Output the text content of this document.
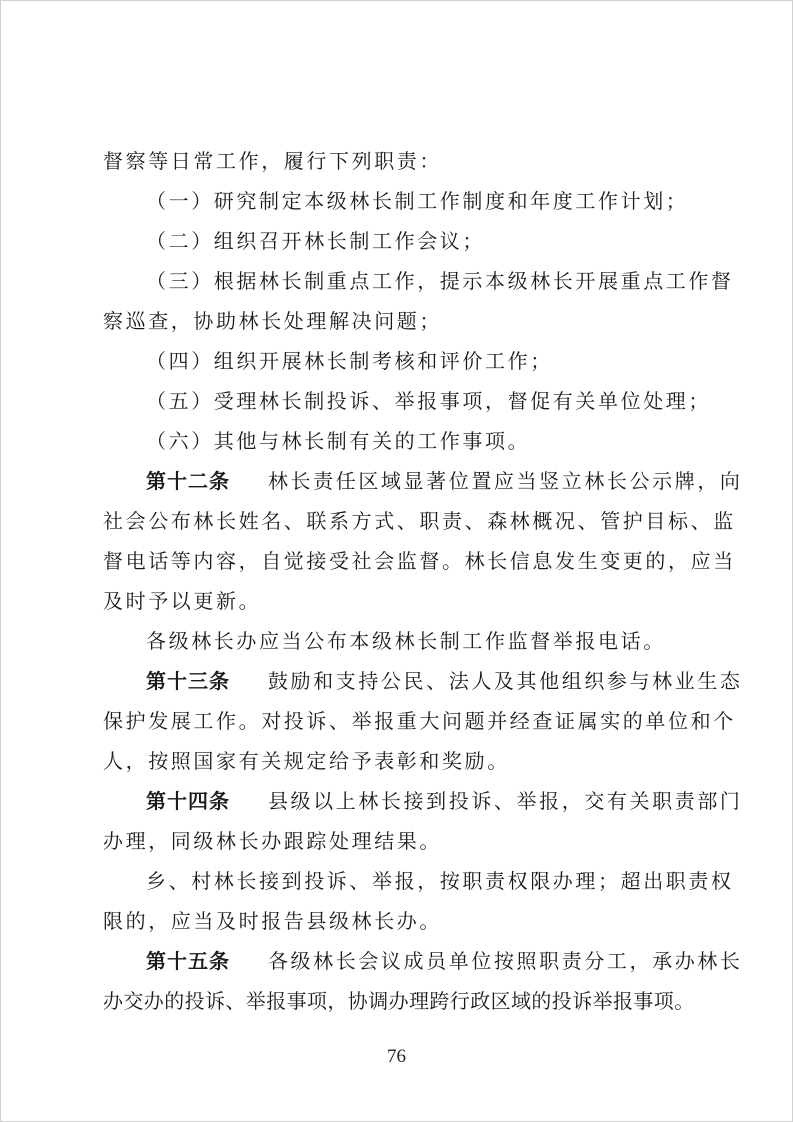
督察等日常工作，履行下列职责：
（一）研究制定本级林长制工作制度和年度工作计划；
（二）组织召开林长制工作会议；
（三）根据林长制重点工作，提示本级林长开展重点工作督
察巡查，协助林长处理解决问题；
（四）组织开展林长制考核和评价工作；
（五）受理林长制投诉、举报事项，督促有关单位处理；
（六）其他与林长制有关的工作事项。
第十二条 林长责任区域显著位置应当竖立林长公示牌，向
社会公布林长姓名、联系方式、职责、森林概况、管护目标、监
督电话等内容，自觉接受社会监督。林长信息发生变更的，应当
及时予以更新。
各级林长办应当公布本级林长制工作监督举报电话。
第十三条 鼓励和支持公民、法人及其他组织参与林业生态
保护发展工作。对投诉、举报重大问题并经查证属实的单位和个
人，按照国家有关规定给予表彰和奖励。
第十四条 县级以上林长接到投诉、举报，交有关职责部门
办理，同级林长办跟踪处理结果。
乡、村林长接到投诉、举报，按职责权限办理；超出职责权
限的，应当及时报告县级林长办。
第十五条 各级林长会议成员单位按照职责分工，承办林长
办交办的投诉、举报事项，协调办理跨行政区域的投诉举报事项。
76
